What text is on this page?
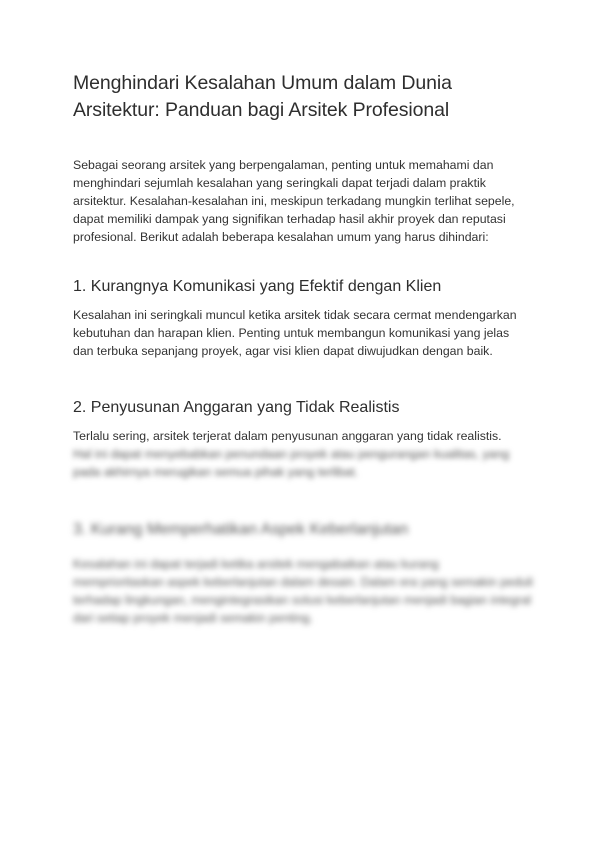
Menghindari Kesalahan Umum dalam Dunia Arsitektur: Panduan bagi Arsitek Profesional

Sebagai seorang arsitek yang berpengalaman, penting untuk memahami dan menghindari sejumlah kesalahan yang seringkali dapat terjadi dalam praktik arsitektur. Kesalahan-kesalahan ini, meskipun terkadang mungkin terlihat sepele, dapat memiliki dampak yang signifikan terhadap hasil akhir proyek dan reputasi profesional. Berikut adalah beberapa kesalahan umum yang harus dihindari:

1. Kurangnya Komunikasi yang Efektif dengan Klien

Kesalahan ini seringkali muncul ketika arsitek tidak secara cermat mendengarkan kebutuhan dan harapan klien. Penting untuk membangun komunikasi yang jelas dan terbuka sepanjang proyek, agar visi klien dapat diwujudkan dengan baik.

2. Penyusunan Anggaran yang Tidak Realistis

Terlalu sering, arsitek terjerat dalam penyusunan anggaran yang tidak realistis.

Hal ini dapat menyebabkan penundaan proyek atau pengurangan kualitas, yang pada akhirnya merugikan semua pihak yang terlibat.

3. Kurang Memperhatikan Aspek Keberlanjutan

Kesalahan ini dapat terjadi ketika arsitek mengabaikan atau kurang memprioritaskan aspek keberlanjutan dalam desain. Dalam era yang semakin peduli terhadap lingkungan, mengintegrasikan solusi keberlanjutan menjadi bagian integral dari setiap proyek menjadi semakin penting.
